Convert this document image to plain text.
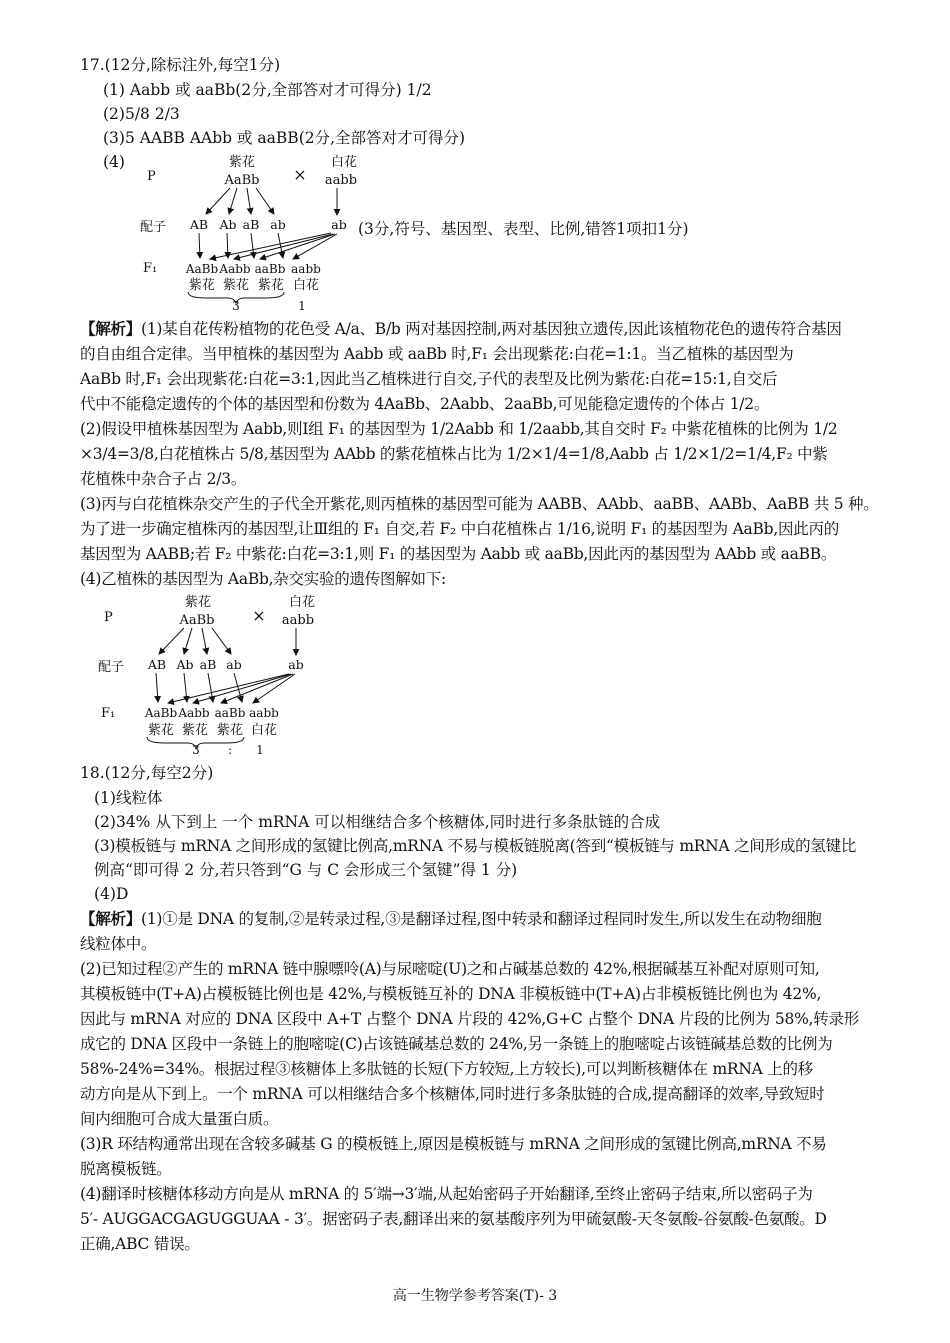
17.(12分,除标注外,每空1分)
(1) Aabb 或 aaBb(2分,全部答对才可得分) 1/2
(2)5/8 2/3
(3)5 AABB AAbb 或 aaBB(2分,全部答对才可得分)
(4)
P
紫花
AaBb ×
白花
aabb
配子 AB Ab aB ab	ab
F₁ AaBb Aabb aaBb aabb
紫花 紫花 紫花 白花
3	1
(3分,符号、基因型、表型、比例,错答1项扣1分)
【解析】(1)某自花传粉植物的花色受 A/a、B/b 两对基因控制,两对基因独立遗传,因此该植物花色的遗传符合基因
的自由组合定律。当甲植株的基因型为 Aabb 或 aaBb 时,F₁ 会出现紫花:白花=1:1。当乙植株的基因型为
AaBb 时,F₁ 会出现紫花:白花=3:1,因此当乙植株进行自交,子代的表型及比例为紫花:白花=15:1,自交后
代中不能稳定遗传的个体的基因型和份数为 4AaBb、2Aabb、2aaBb,可见能稳定遗传的个体占 1/2。
(2)假设甲植株基因型为 Aabb,则Ⅰ组 F₁ 的基因型为 1/2Aabb 和 1/2aabb,其自交时 F₂ 中紫花植株的比例为 1/2
×3/4=3/8,白花植株占 5/8,基因型为 AAbb 的紫花植株占比为 1/2×1/4=1/8,Aabb 占 1/2×1/2=1/4,F₂ 中紫
花植株中杂合子占 2/3。
(3)丙与白花植株杂交产生的子代全开紫花,则丙植株的基因型可能为 AABB、AAbb、aaBB、AABb、AaBB 共 5 种。
为了进一步确定植株丙的基因型,让Ⅲ组的 F₁ 自交,若 F₂ 中白花植株占 1/16,说明 F₁ 的基因型为 AaBb,因此丙的
基因型为 AABB;若 F₂ 中紫花:白花=3:1,则 F₁ 的基因型为 Aabb 或 aaBb,因此丙的基因型为 AAbb 或 aaBB。
(4)乙植株的基因型为 AaBb,杂交实验的遗传图解如下:
P
紫花
AaBb ×
白花
aabb
配子 AB Ab aB ab	ab
F₁ AaBb Aabb aaBb aabb
紫花 紫花 紫花 白花
3 : 1
18.(12分,每空2分)
(1)线粒体
(2)34% 从下到上 一个 mRNA 可以相继结合多个核糖体,同时进行多条肽链的合成
(3)模板链与 mRNA 之间形成的氢键比例高,mRNA 不易与模板链脱离(答到“模板链与 mRNA 之间形成的氢键比
例高“即可得 2 分,若只答到“G 与 C 会形成三个氢键”得 1 分)
(4)D
【解析】(1)①是 DNA 的复制,②是转录过程,③是翻译过程,图中转录和翻译过程同时发生,所以发生在动物细胞
线粒体中。
(2)已知过程②产生的 mRNA 链中腺嘌呤(A)与尿嘧啶(U)之和占碱基总数的 42%,根据碱基互补配对原则可知,
其模板链中(T+A)占模板链比例也是 42%,与模板链互补的 DNA 非模板链中(T+A)占非模板链比例也为 42%,
因此与 mRNA 对应的 DNA 区段中 A+T 占整个 DNA 片段的 42%,G+C 占整个 DNA 片段的比例为 58%,转录形
成它的 DNA 区段中一条链上的胞嘧啶(C)占该链碱基总数的 24%,另一条链上的胞嘧啶占该链碱基总数的比例为
58%-24%=34%。根据过程③核糖体上多肽链的长短(下方较短,上方较长),可以判断核糖体在 mRNA 上的移
动方向是从下到上。一个 mRNA 可以相继结合多个核糖体,同时进行多条肽链的合成,提高翻译的效率,导致短时
间内细胞可合成大量蛋白质。
(3)R 环结构通常出现在含较多碱基 G 的模板链上,原因是模板链与 mRNA 之间形成的氢键比例高,mRNA 不易
脱离模板链。
(4)翻译时核糖体移动方向是从 mRNA 的 5′端→3′端,从起始密码子开始翻译,至终止密码子结束,所以密码子为
5′- AUGGACGAGUGGUAA - 3′。据密码子表,翻译出来的氨基酸序列为甲硫氨酸-天冬氨酸-谷氨酸-色氨酸。D
正确,ABC 错误。
高一生物学参考答案(T)- 3
